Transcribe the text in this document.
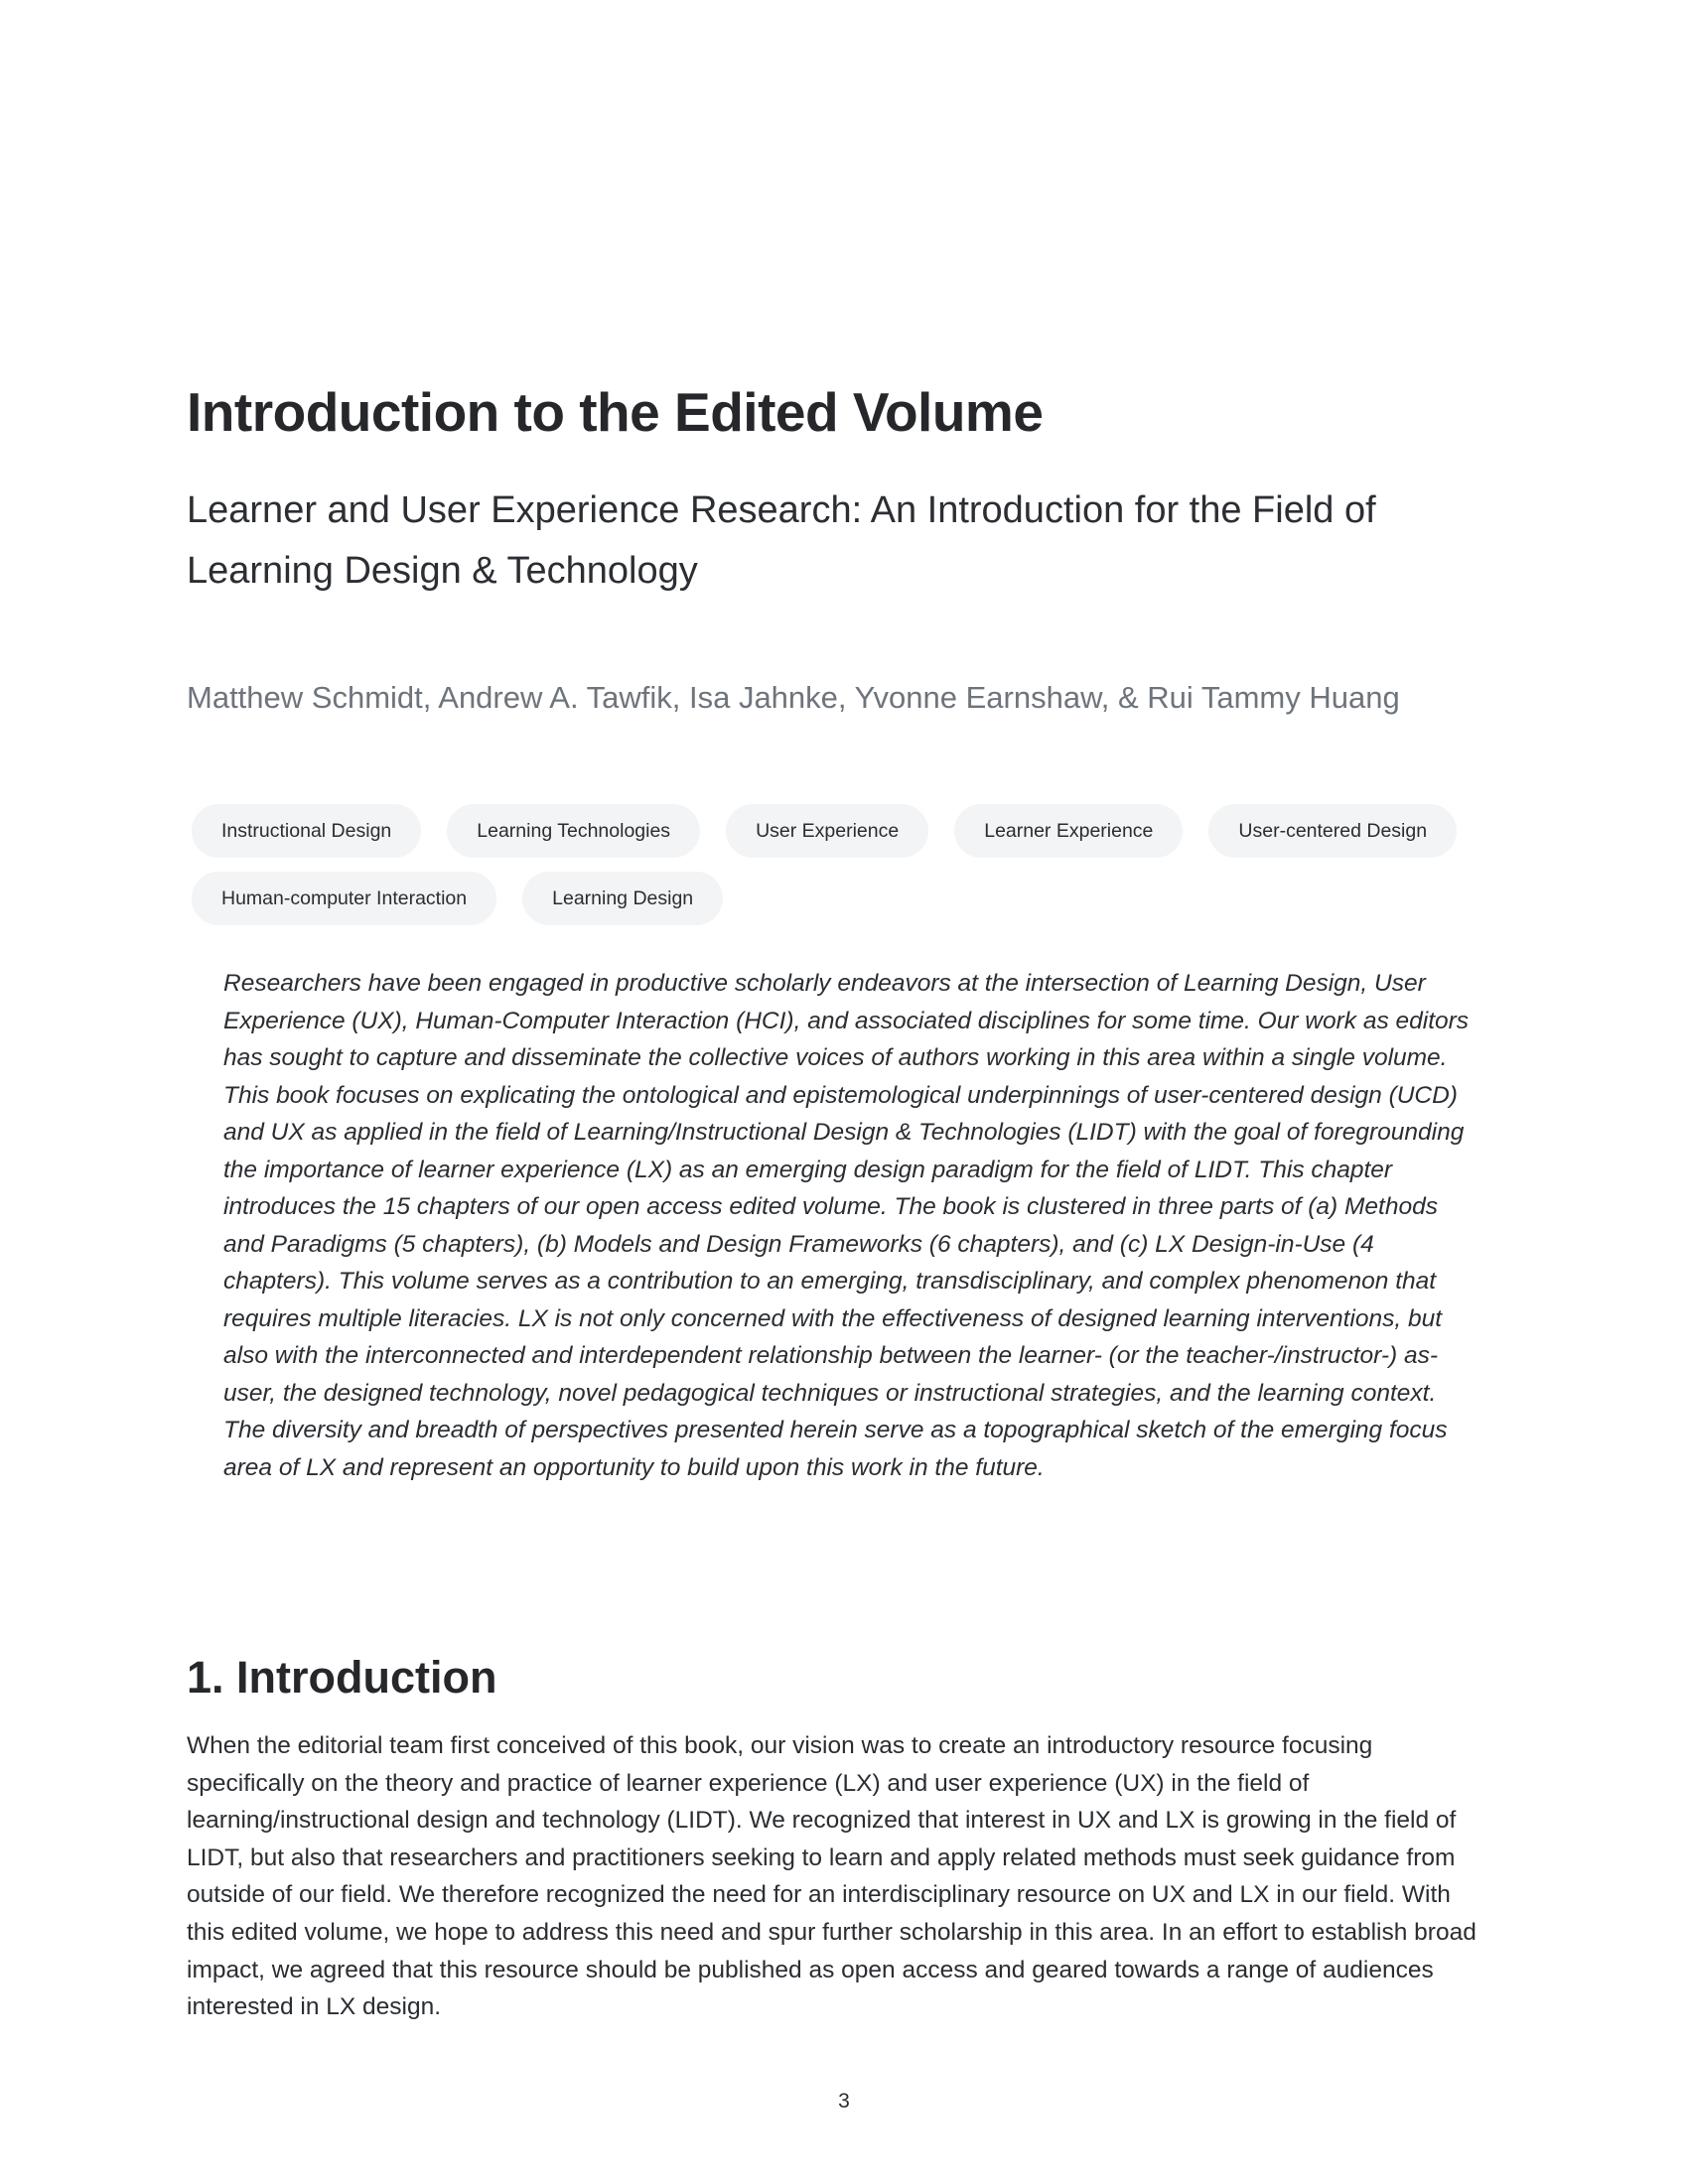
Introduction to the Edited Volume
Learner and User Experience Research: An Introduction for the Field of Learning Design & Technology

Matthew Schmidt, Andrew A. Tawfik, Isa Jahnke, Yvonne Earnshaw, & Rui Tammy Huang

Instructional Design	Learning Technologies	User Experience	Learner Experience	User-centered Design
Human-computer Interaction	Learning Design

Researchers have been engaged in productive scholarly endeavors at the intersection of Learning Design, User Experience (UX), Human-Computer Interaction (HCI), and associated disciplines for some time. Our work as editors has sought to capture and disseminate the collective voices of authors working in this area within a single volume. This book focuses on explicating the ontological and epistemological underpinnings of user-centered design (UCD) and UX as applied in the field of Learning/Instructional Design & Technologies (LIDT) with the goal of foregrounding the importance of learner experience (LX) as an emerging design paradigm for the field of LIDT. This chapter introduces the 15 chapters of our open access edited volume. The book is clustered in three parts of (a) Methods and Paradigms (5 chapters), (b) Models and Design Frameworks (6 chapters), and (c) LX Design-in-Use (4 chapters). This volume serves as a contribution to an emerging, transdisciplinary, and complex phenomenon that requires multiple literacies. LX is not only concerned with the effectiveness of designed learning interventions, but also with the interconnected and interdependent relationship between the learner- (or the teacher-/instructor-) as-user, the designed technology, novel pedagogical techniques or instructional strategies, and the learning context. The diversity and breadth of perspectives presented herein serve as a topographical sketch of the emerging focus area of LX and represent an opportunity to build upon this work in the future.

1. Introduction

When the editorial team first conceived of this book, our vision was to create an introductory resource focusing specifically on the theory and practice of learner experience (LX) and user experience (UX) in the field of learning/instructional design and technology (LIDT). We recognized that interest in UX and LX is growing in the field of LIDT, but also that researchers and practitioners seeking to learn and apply related methods must seek guidance from outside of our field. We therefore recognized the need for an interdisciplinary resource on UX and LX in our field. With this edited volume, we hope to address this need and spur further scholarship in this area. In an effort to establish broad impact, we agreed that this resource should be published as open access and geared towards a range of audiences interested in LX design.

3
